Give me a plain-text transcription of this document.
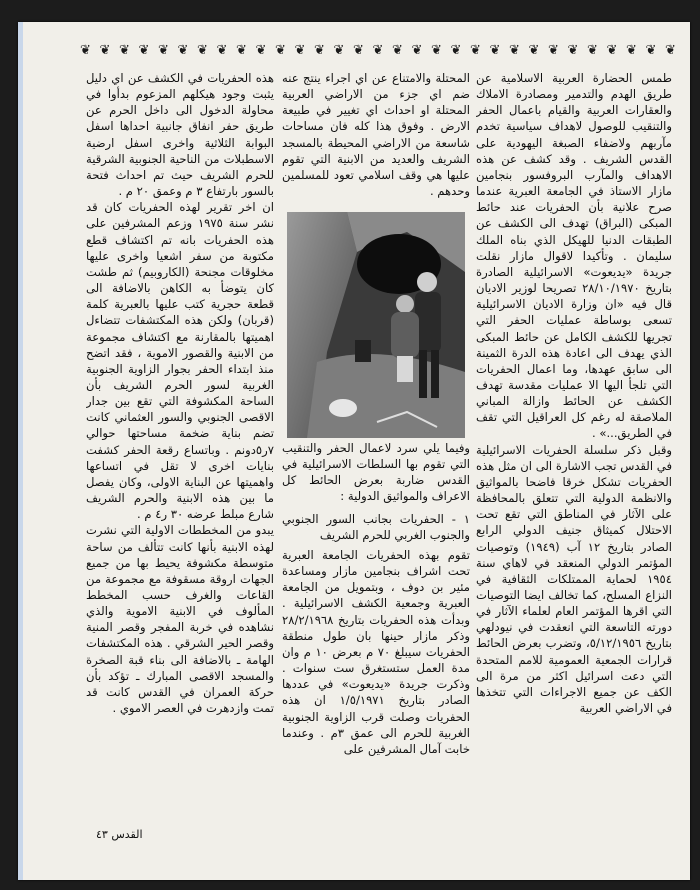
❦ ❦ ❦ ❦ ❦ ❦ ❦ ❦ ❦ ❦ ❦ ❦ ❦ ❦ ❦ ❦ ❦ ❦ ❦ ❦ ❦ ❦ ❦ ❦ ❦ ❦ ❦ ❦ ❦ ❦ ❦

طمس الحضارة العربية الاسلامية عن طريق الهدم والتدمير ومصادرة الاملاك والعقارات العربية والقيام باعمال الحفر والتنقيب للوصول لاهداف سياسية تخدم مآربهم ولاضفاء الصبغة اليهودية على القدس الشريف . وقد كشف عن هذه الاهداف والمآرب البروفسور بنجامين مازار الاستاذ في الجامعة العبرية عندما صرح علانية بأن الحفريات عند حائط المبكى (البراق) تهدف الى الكشف عن الطبقات الدنيا للهيكل الذي بناه الملك سليمان . وتأكيدا لاقوال مازار نقلت جريدة «يديعوت» الاسرائيلية الصادرة بتاريخ ٢٨/١٠/١٩٧٠ تصريحا لوزير الاديان قال فيه «ان وزارة الاديان الاسرائيلية تسعى بوساطة عمليات الحفر التي تجريها للكشف الكامل عن حائط المبكى الذي يهدف الى اعادة هذه الدرة الثمينة الى سابق عهدها، وما اعمال الحفريات التي تلجأ اليها الا عمليات مقدسة تهدف الكشف عن الحائط وازالة المباني الملاصقة له رغم كل العراقيل التي تقف في الطريق...» .

وقبل ذكر سلسلة الحفريات الاسرائيلية في القدس تجب الاشارة الى ان مثل هذه الحفريات تشكل خرقا فاضحا بالمواثيق والانظمة الدولية التي تتعلق بالمحافظة على الآثار في المناطق التي تقع تحت الاحتلال كميثاق جنيف الدولي الرابع الصادر بتاريخ ١٢ آب (١٩٤٩) وتوصيات المؤتمر الدولي المنعقد في لاهاي سنة ١٩٥٤ لحماية الممتلكات الثقافية في النزاع المسلح، كما تخالف ايضا التوصيات التي اقرها المؤتمر العام لعلماء الآثار في دورته التاسعة التي انعقدت في نيودلهي بتاريخ ٥/١٢/١٩٥٦، وتضرب بعرض الحائط قرارات الجمعية العمومية للامم المتحدة التي دعت اسرائيل اكثر من مرة الى الكف عن جميع الاجراءات التي تتخذها في الاراضي العربية

المحتلة والامتناع عن اي اجراء ينتج عنه ضم اي جزء من الاراضي العربية المحتلة او احداث اي تغيير في طبيعة الارض . وفوق هذا كله فان مساحات شاسعة من الاراضي المحيطة بالمسجد الشريف والعديد من الابنية التي تقوم عليها هي وقف اسلامي تعود للمسلمين وحدهم .

وفيما يلي سرد لاعمال الحفر والتنقيب التي تقوم بها السلطات الاسرائيلية في القدس ضاربة بعرض الحائط كل الاعراف والمواثيق الدولية :

١ - الحفريات بجانب السور الجنوبي والجنوب الغربي للحرم الشريف

تقوم بهذه الحفريات الجامعة العبرية تحت اشراف بنجامين مازار ومساعدة مئير بن دوف ، وبتمويل من الجامعة العبرية وجمعية الكشف الاسرائيلية . وبدأت هذه الحفريات بتاريخ ٢٨/٢/١٩٦٨ وذكر مازار حينها بان طول منطقة الحفريات سيبلغ ٧٠ م بعرض ١٠ م وان مدة العمل ستستغرق ست سنوات . وذكرت جريدة «يديعوت» في عددها الصادر بتاريخ ١/٥/١٩٧١ ان هذه الحفريات وصلت قرب الزاوية الجنوبية الغربية للحرم الى عمق ٣م . وعندما خابت آمال المشرفين على

هذه الحفريات في الكشف عن اي دليل يثبت وجود هيكلهم المزعوم بدأوا في محاولة الدخول الى داخل الحرم عن طريق حفر انفاق جانبية احداها اسفل البوابة الثلاثية واخرى اسفل ارضية الاسطبلات من الناحية الجنوبية الشرقية للحرم الشريف حيث تم احداث فتحة بالسور بارتفاع ٣ م وعمق ٢٠ م .

ان اخر تقرير لهذه الحفريات كان قد نشر سنة ١٩٧٥ وزعم المشرفين على هذه الحفريات بانه تم اكتشاف قطع مكتوبة من سفر اشعيا واخرى عليها مخلوقات مجنحة (الكاروبيم) ثم طشت كان يتوضأ به الكاهن بالاضافة الى قطعة حجرية كتب عليها بالعبرية كلمة (قربان) ولكن هذه المكتشفات تتضاءل اهميتها بالمقارنة مع اكتشاف مجموعة من الابنية والقصور الاموية ، فقد اتضح منذ ابتداء الحفر بجوار الزاوية الجنوبية الغربية لسور الحرم الشريف بأن الساحة المكشوفة التي تقع بين جدار الاقصى الجنوبي والسور العثماني كانت تضم بناية ضخمة مساحتها حوالي ٧ر٥دونم . وباتساع رقعة الحفر كشفت بنايات اخرى لا تقل في اتساعها واهميتها عن البناية الاولى، وكان يفصل ما بين هذه الابنية والحرم الشريف شارع مبلط عرضه ٣٠ ر٤ م .

يبدو من المخططات الاولية التي نشرت لهذه الابنية بأنها كانت تتألف من ساحة متوسطة مكشوفة يحيط بها من جميع الجهات اروقة مسقوفة مع مجموعة من القاعات والغرف حسب المخطط المألوف في الابنية الاموية والذي نشاهده في خربة المفجر وقصر المنية وقصر الحير الشرقي . هذه المكتشفات الهامة ـ بالاضافة الى بناء قبة الصخرة والمسجد الاقصى المبارك ـ تؤكد بأن حركة العمران في القدس كانت قد تمت وازدهرت في العصر الاموي .

القدس ٤٣
